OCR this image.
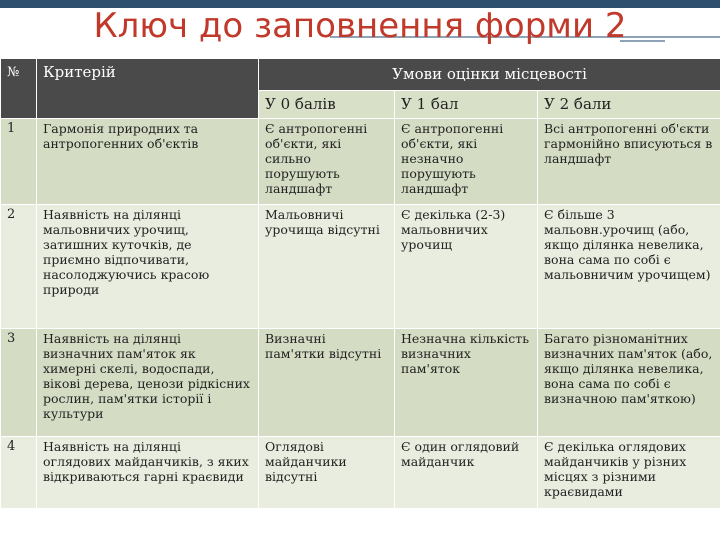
Ключ до заповнення форми 2
№	Критерій	Умови оцінки місцевості		
		У 0 балів	У 1 бал	У 2 бали
1	Гармонія природних та антропогенних об'єктів	Є антропогенні об'єкти, які сильно порушують ландшафт	Є антропогенні об'єкти, які незначно порушують ландшафт	Всі антропогенні об'єкти гармонійно вписуються в ландшафт
2	Наявність на ділянці мальовничих урочищ, затишних куточків, де приємно відпочивати, насолоджуючись красою природи	Мальовничі урочища відсутні	Є декілька (2-3) мальовничих урочищ	Є більше 3 мальовн.урочищ (або, якщо ділянка невелика, вона сама по собі є мальовничим урочищем)
3	Наявність на ділянці визначних пам'яток як химерні скелі, водоспади, вікові дерева, ценози рідкісних рослин, пам'ятки історії і культури	Визначні пам'ятки відсутні	Незначна кількість визначних пам'яток	Багато різноманітних визначних пам'яток (або, якщо ділянка невелика, вона сама по собі є визначною пам'яткою)
4	Наявність на ділянці оглядових майданчиків, з яких відкриваються гарні краєвиди	Оглядові майданчики відсутні	Є один оглядовий майданчик	Є декілька оглядових майданчиків у різних місцях з різними краєвидами
